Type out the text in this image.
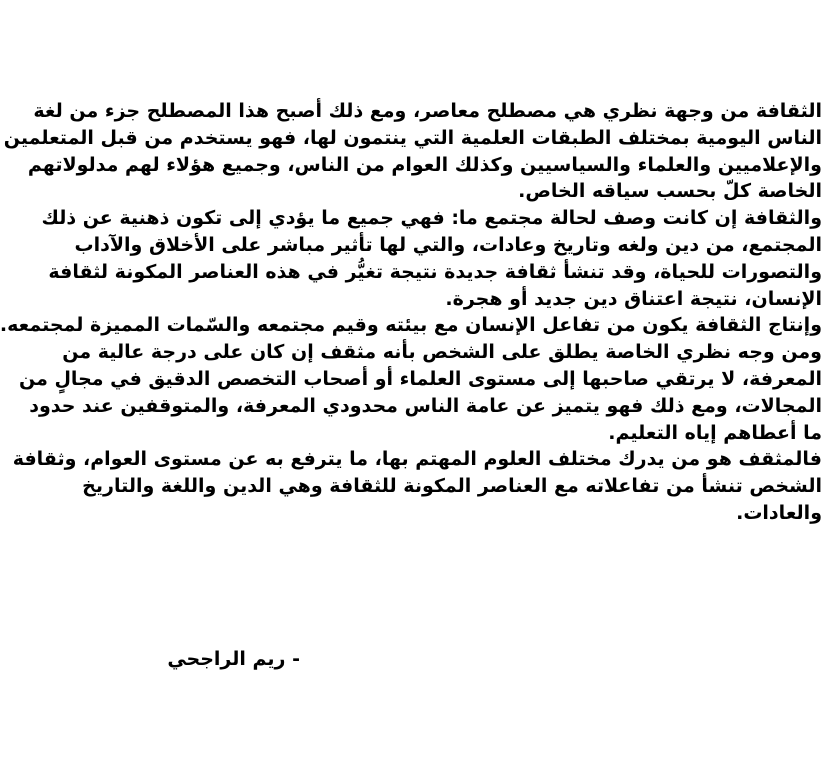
الثقافة من وجهة نظري هي مصطلح معاصر، ومع ذلك أصبح هذا المصطلح جزء من لغة
الناس اليومية بمختلف الطبقات العلمية التي ينتمون لها، فهو يستخدم من قبل المتعلمين
والإعلاميين والعلماء والسياسيين وكذلك العوام من الناس، وجميع هؤلاء لهم مدلولاتهم
الخاصة كلّ بحسب سياقه الخاص.
والثقافة إن كانت وصف لحالة مجتمع ما: فهي جميع ما يؤدي إلى تكون ذهنية عن ذلك
المجتمع، من دين ولغه وتاريخ وعادات، والتي لها تأثير مباشر على الأخلاق والآداب
والتصورات للحياة، وقد تنشأ ثقافة جديدة نتيجة تغيُّر في هذه العناصر المكونة لثقافة
الإنسان، نتيجة اعتناق دين جديد أو هجرة.
وإنتاج الثقافة يكون من تفاعل الإنسان مع بيئته وقيم مجتمعه والسّمات المميزة لمجتمعه.
ومن وجه نظري الخاصة يطلق على الشخص بأنه مثقف إن كان على درجة عالية من
المعرفة، لا يرتقي صاحبها إلى مستوى العلماء أو أصحاب التخصص الدقيق في مجالٍ من
المجالات، ومع ذلك فهو يتميز عن عامة الناس محدودي المعرفة، والمتوقفين عند حدود
ما أعطاهم إياه التعليم.
فالمثقف هو من يدرك مختلف العلوم المهتم بها، ما يترفع به عن مستوى العوام، وثقافة
الشخص تنشأ من تفاعلاته مع العناصر المكونة للثقافة وهي الدين واللغة والتاريخ
والعادات.
- ريم الراجحي
